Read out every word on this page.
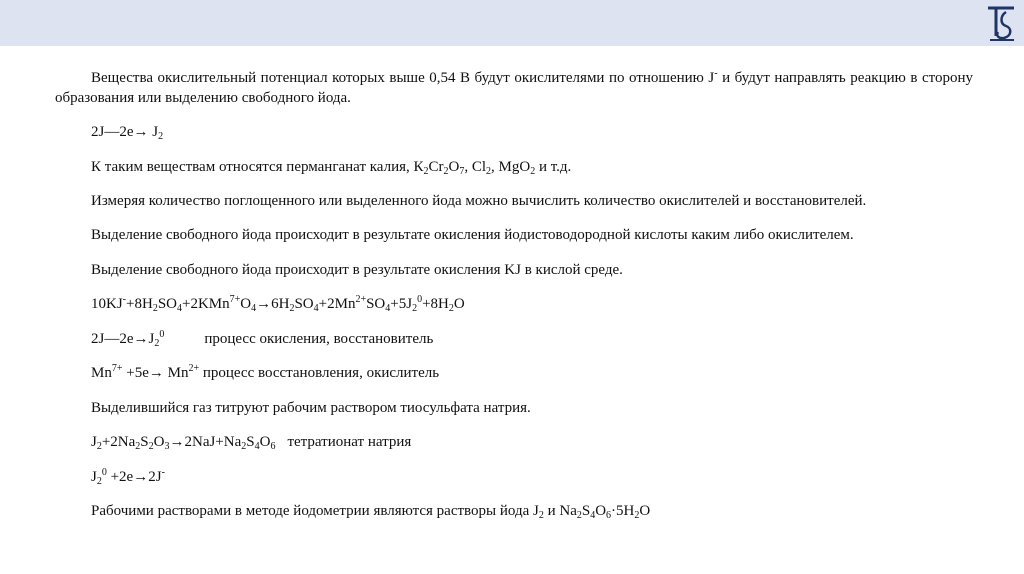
Вещества окислительный потенциал которых выше 0,54 В будут окислителями по отношению J- и будут направлять реакцию в сторону образования или выделению свободного йода.

2J—2e→ $J_2$
К таким веществам относятся перманганат калия, $К_2Cr_2O_7$, $Cl_2$, MgO$_2$ и т.д.

Измеряя количество поглощенного или выделенного йода можно вычислить количество окислителей и восстановителей.

Выделение свободного йода происходит в результате окисления йодистоводородной кислоты каким либо окислителем.
Выделение свободного йода происходит в результате окисления KJ в кислой среде.
$10KJ^-+8H_2SO_4+2KMn^{7+}O_4\to 6H_2SO_4+2Mn^{2+}SO_4+5J_2^0+8H_2O$
$2J—2e\to J_2^0$	процесс окисления, восстановитель
$Mn^{7+} +5e\to Mn^{2+}$ процесс восстановления, окислитель
Выделившийся газ титруют рабочим раствором тиосульфата натрия.
$J_2+2Na_2S_2O_3\to 2NaJ+Na_2S_4O_6$ тетратионат натрия
$J_2^0 +2e\to 2J^-$
Рабочими растворами в методе йодометрии являются растворы йода $J_2$ и $Na_2S_4O_6\cdot 5H_2O$
